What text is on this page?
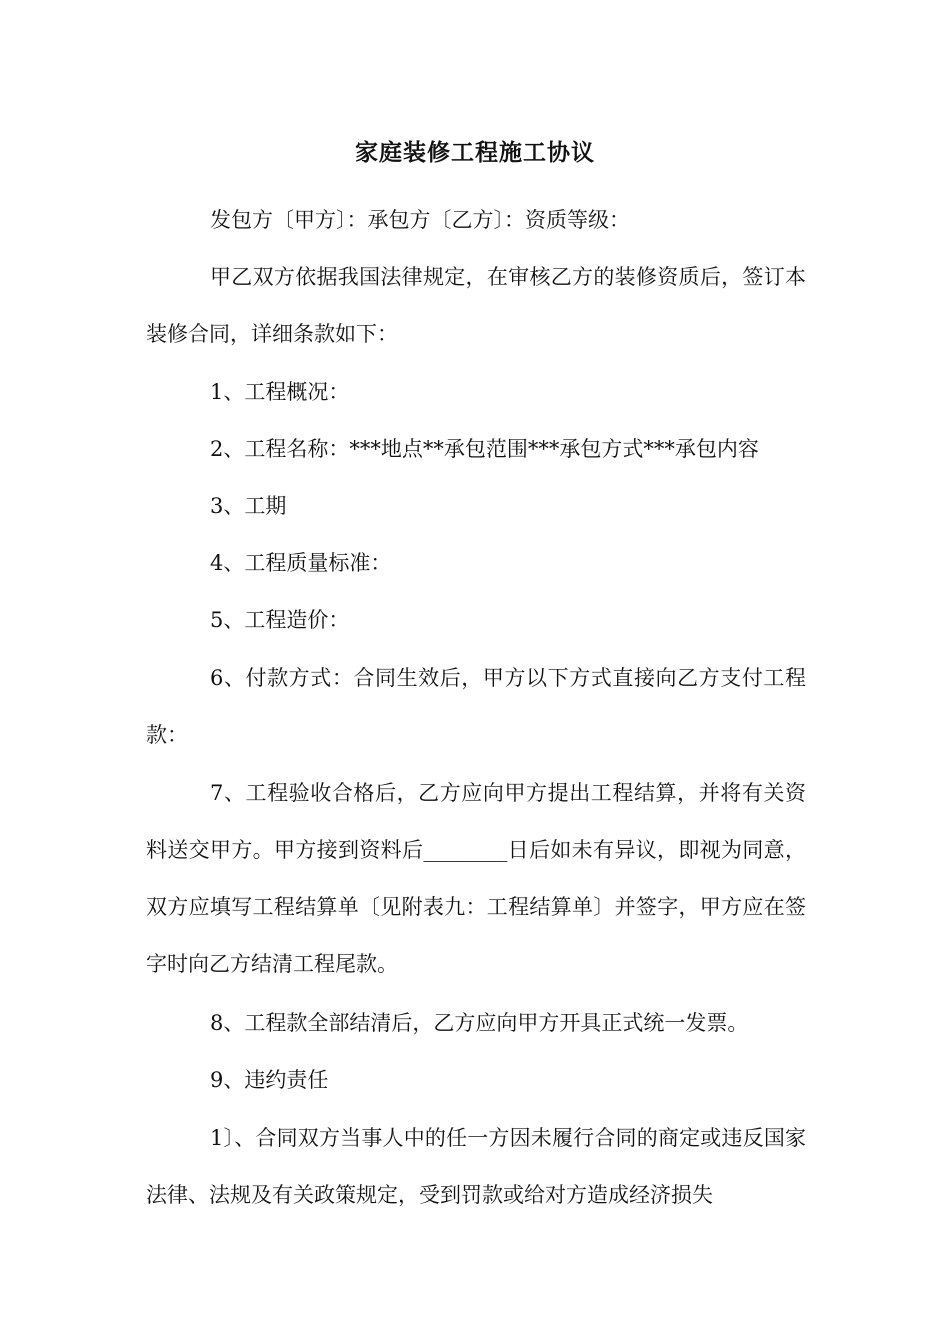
家庭装修工程施工协议
发包方〔甲方〕：承包方〔乙方〕：资质等级：
甲乙双方依据我国法律规定，在审核乙方的装修资质后，签订本装修合同，详细条款如下：
1、工程概况：
2、工程名称：***地点**承包范围***承包方式***承包内容
3、工期
4、工程质量标准：
5、工程造价：
6、付款方式：合同生效后，甲方以下方式直接向乙方支付工程款：
7、工程验收合格后，乙方应向甲方提出工程结算，并将有关资料送交甲方。甲方接到资料后________日后如未有异议，即视为同意，双方应填写工程结算单〔见附表九：工程结算单〕并签字，甲方应在签字时向乙方结清工程尾款。
8、工程款全部结清后，乙方应向甲方开具正式统一发票。
9、违约责任
1〕、合同双方当事人中的任一方因未履行合同的商定或违反国家法律、法规及有关政策规定，受到罚款或给对方造成经济损失
